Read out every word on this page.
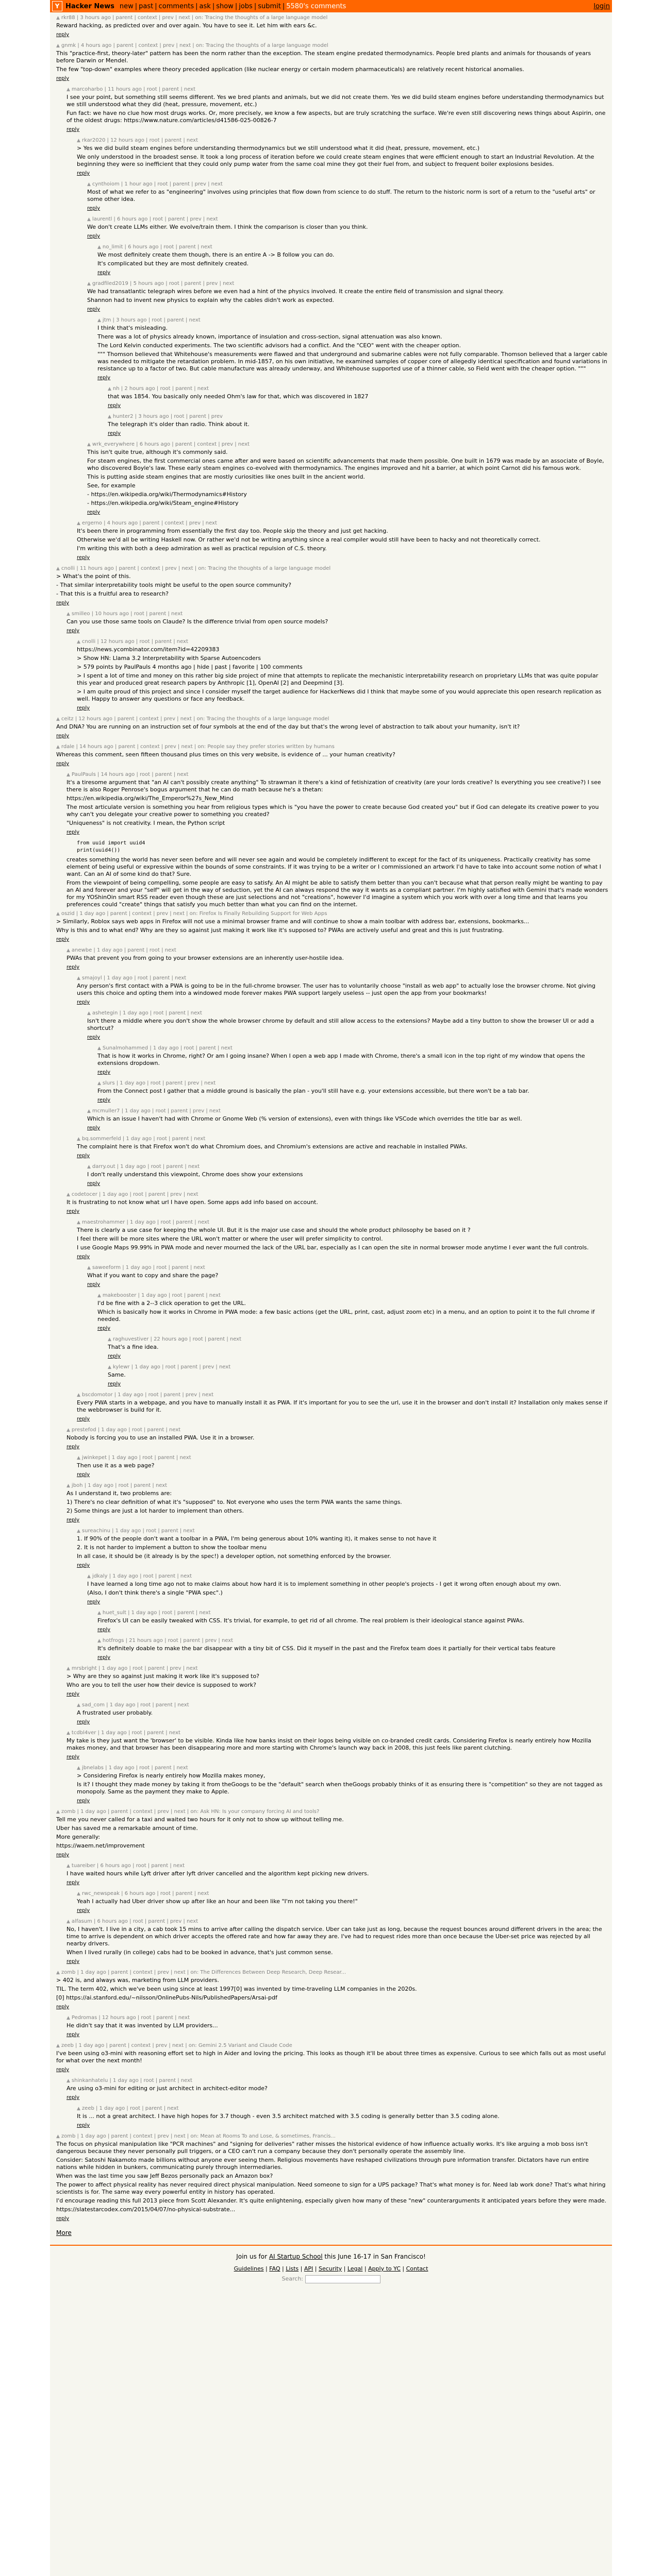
Y Hacker News new | past | comments | ask | show | jobs | submit | 5580's comments	login
▲ rkr88 | 3 hours ago | parent | context | prev | next | on: Tracing the thoughts of a large language model

Reward hacking, as predicted over and over again. You have to see it. Let him with ears &c.

reply
▲ gnmk | 4 hours ago | parent | context | prev | next | on: Tracing the thoughts of a large language model

This "practice-first, theory-later" pattern has been the norm rather than the exception. The steam engine predated thermodynamics. People bred plants and animals for thousands of years before Darwin or Mendel.

The few "top-down" examples where theory preceded application (like nuclear energy or certain modern pharmaceuticals) are relatively recent historical anomalies.

reply
▲ marcoharbo | 11 hours ago | root | parent | next

I see your point, but something still seems different. Yes we bred plants and animals, but we did not create them. Yes we did build steam engines before understanding thermodynamics but we still understood what they did (heat, pressure, movement, etc.)

Fun fact: we have no clue how most drugs works. Or, more precisely, we know a few aspects, but are truly scratching the surface. We're even still discovering news things about Aspirin, one of the oldest drugs: https://www.nature.com/articles/d41586-025-00826-7

reply
▲ rkar2020 | 12 hours ago | root | parent | next

> Yes we did build steam engines before understanding thermodynamics but we still understood what it did (heat, pressure, movement, etc.)

We only understood in the broadest sense. It took a long process of iteration before we could create steam engines that were efficient enough to start an Industrial Revolution. At the beginning they were so inefficient that they could only pump water from the same coal mine they got their fuel from, and subject to frequent boiler explosions besides.

reply
▲ cynthoiom | 1 hour ago | root | parent | prev | next

Most of what we refer to as "engineering" involves using principles that flow down from science to do stuff. The return to the historic norm is sort of a return to the "useful arts" or some other idea.

reply
▲ laurentl | 6 hours ago | root | parent | prev | next

We don't create LLMs either. We evolve/train them. I think the comparison is closer than you think.

reply
▲ no_limit | 6 hours ago | root | parent | next

We most definitely create them though, there is an entire A -> B follow you can do.

It's complicated but they are most definitely created.

reply
▲ gradfiled2019 | 5 hours ago | root | parent | prev | next

We had transatlantic telegraph wires before we even had a hint of the physics involved. It create the entire field of transmission and signal theory.

Shannon had to invent new physics to explain why the cables didn't work as expected.

reply
▲ jtm | 3 hours ago | root | parent | next

I think that's misleading.

There was a lot of physics already known, importance of insulation and cross-section, signal attenuation was also known.

The Lord Kelvin conducted experiments. The two scientific advisors had a conflict. And the "CEO" went with the cheaper option.

""" Thomson believed that Whitehouse's measurements were flawed and that underground and submarine cables were not fully comparable. Thomson believed that a larger cable was needed to mitigate the retardation problem. In mid-1857, on his own initiative, he examined samples of copper core of allegedly identical specification and found variations in resistance up to a factor of two. But cable manufacture was already underway, and Whitehouse supported use of a thinner cable, so Field went with the cheaper option. """

reply
▲ nh | 2 hours ago | root | parent | next

that was 1854. You basically only needed Ohm's law for that, which was discovered in 1827

reply
▲ hunter2 | 3 hours ago | root | parent | prev

The telegraph it's older than radio. Think about it.

reply
▲ wrk_everywhere | 6 hours ago | parent | context | prev | next

This isn't quite true, although it's commonly said.

For steam engines, the first commercial ones came after and were based on scientific advancements that made them possible. One built in 1679 was made by an associate of Boyle, who discovered Boyle's law. These early steam engines co-evolved with thermodynamics. The engines improved and hit a barrier, at which point Carnot did his famous work.

This is putting aside steam engines that are mostly curiosities like ones built in the ancient world.

See, for example

- https://en.wikipedia.org/wiki/Thermodynamics#History

- https://en.wikipedia.org/wiki/Steam_engine#History

reply
▲ ergerno | 4 hours ago | parent | context | prev | next

It's been there in programming from essentially the first day too. People skip the theory and just get hacking.

Otherwise we'd all be writing Haskell now. Or rather we'd not be writing anything since a real compiler would still have been to hacky and not theoretically correct.

I'm writing this with both a deep admiration as well as practical repulsion of C.S. theory.

reply
▲ cnolli | 11 hours ago | parent | context | prev | next | on: Tracing the thoughts of a large language model

> What's the point of this.

- That similar interpretability tools might be useful to the open source community?

- That this is a fruitful area to research?

reply
▲ smilleo | 10 hours ago | root | parent | next

Can you use those same tools on Claude? Is the difference trivial from open source models?

reply
▲ cnolli | 12 hours ago | root | parent | next

https://news.ycombinator.com/item?id=42209383

> Show HN: Llama 3.2 Interpretability with Sparse Autoencoders

> 579 points by PaulPauls 4 months ago | hide | past | favorite | 100 comments

> I spent a lot of time and money on this rather big side project of mine that attempts to replicate the mechanistic interpretability research on proprietary LLMs that was quite popular this year and produced great research papers by Anthropic [1], OpenAI [2] and Deepmind [3].

> I am quite proud of this project and since I consider myself the target audience for HackerNews did I think that maybe some of you would appreciate this open research replication as well. Happy to answer any questions or face any feedback.

reply
▲ ceitz | 12 hours ago | parent | context | prev | next | on: Tracing the thoughts of a large language model

And DNA? You are running on an instruction set of four symbols at the end of the day but that's the wrong level of abstraction to talk about your humanity, isn't it?

reply
▲ rdale | 14 hours ago | parent | context | prev | next | on: People say they prefer stories written by humans

Whereas this comment, seen fifteen thousand plus times on this very website, is evidence of ... your human creativity?

reply
▲ PaulPauls | 14 hours ago | root | parent | next

It's a tiresome argument that "an AI can't possibly create anything" To strawman it there's a kind of fetishization of creativity (are your lords creative? Is everything you see creative?) I see there is also Roger Penrose's bogus argument that he can do math because he's a thetan:

https://en.wikipedia.org/wiki/The_Emperor%27s_New_Mind

The most articulate version is something you hear from religious types which is "you have the power to create because God created you" but if God can delegate its creative power to you why can't you delegate your creative power to something you created?

"Uniqueness" is not creativity. I mean, the Python script

reply
from uuid import uuid4
print(uuid4())

creates something the world has never seen before and will never see again and would be completely indifferent to except for the fact of its uniqueness. Practically creativity has some element of being useful or expressive within the bounds of some constraints. If it was trying to be a writer or I commissioned an artwork I'd have to take into account some notion of what I want. Can an AI of some kind do that? Sure.

From the viewpoint of being compelling, some people are easy to satisfy. An AI might be able to satisfy them better than you can't because what that person really might be wanting to pay an AI and forever and your "self" will get in the way of seduction, yet the AI can always respond the way it wants as a compliant partner. I'm highly satisfied with Gemini that's made wonders for my YOShinOin smart RSS reader even though these are just selections and not "creations", however I'd imagine a system which you work with over a long time and that learns you preferences could "create" things that satisfy you much better than what you can find on the internet.

▲ oszid | 1 day ago | parent | context | prev | next | on: Firefox Is Finally Rebuilding Support for Web Apps

> Similarly, Roblox says web apps in Firefox will not use a minimal browser frame and will continue to show a main toolbar with address bar, extensions, bookmarks...

Why is this and to what end? Why are they so against just making it work like it's supposed to? PWAs are actively useful and great and this is just frustrating.

reply
▲ anewbe | 1 day ago | parent | root | next

PWAs that prevent you from going to your browser extensions are an inherently user-hostile idea.

reply
▲ smajoyl | 1 day ago | root | parent | next

Any person's first contact with a PWA is going to be in the full-chrome browser. The user has to voluntarily choose "install as web app" to actually lose the browser chrome. Not giving users this choice and opting them into a windowed mode forever makes PWA support largely useless -- just open the app from your bookmarks!

reply
▲ ashetegin | 1 day ago | root | parent | next

Isn't there a middle where you don't show the whole browser chrome by default and still allow access to the extensions? Maybe add a tiny button to show the browser UI or add a shortcut?

reply
▲ Sunalmohammed | 1 day ago | root | parent | next

That is how it works in Chrome, right? Or am I going insane? When I open a web app I made with Chrome, there's a small icon in the top right of my window that opens the extensions dropdown.

reply
▲ slurs | 1 day ago | root | parent | prev | next

From the Connect post I gather that a middle ground is basically the plan - you'll still have e.g. your extensions accessible, but there won't be a tab bar.

reply
▲ mcmuller7 | 1 day ago | root | parent | prev | next

Which is an issue I haven't had with Chrome or Gnome Web (% version of extensions), even with things like VSCode which overrides the title bar as well.

reply
▲ bq.sommerfeld | 1 day ago | root | parent | next

The complaint here is that Firefox won't do what Chromium does, and Chromium's extensions are active and reachable in installed PWAs.

reply
▲ darry.out | 1 day ago | root | parent | next

I don't really understand this viewpoint, Chrome does show your extensions

reply
▲ codetocer | 1 day ago | root | parent | prev | next

It is frustrating to not know what url I have open. Some apps add info based on account.

reply
▲ maestrohammer | 1 day ago | root | parent | next

There is clearly a use case for keeping the whole UI. But it is the major use case and should the whole product philosophy be based on it ?

I feel there will be more sites where the URL won't matter or where the user will prefer simplicity to control.

I use Google Maps 99.99% in PWA mode and never mourned the lack of the URL bar, especially as I can open the site in normal browser mode anytime I ever want the full controls.

reply
▲ saweeform | 1 day ago | root | parent | next

What if you want to copy and share the page?

reply
▲ makebooster | 1 day ago | root | parent | next

I'd be fine with a 2--3 click operation to get the URL.

Which is basically how it works in Chrome in PWA mode: a few basic actions (get the URL, print, cast, adjust zoom etc) in a menu, and an option to point it to the full chrome if needed.

reply
▲ raghuvestiver | 22 hours ago | root | parent | next

That's a fine idea.

reply
▲ kylewr | 1 day ago | root | parent | prev | next

Same.

reply
▲ bscdomotor | 1 day ago | root | parent | prev | next

Every PWA starts in a webpage, and you have to manually install it as PWA. If it's important for you to see the url, use it in the browser and don't install it? Installation only makes sense if the webbrowser is build for it.

reply
▲ prestefod | 1 day ago | root | parent | next

Nobody is forcing you to use an installed PWA. Use it in a browser.

reply
▲ jwinkepet | 1 day ago | root | parent | next

Then use it as a web page?

reply
▲ jboh | 1 day ago | root | parent | next

As I understand it, two problems are:

1) There's no clear definition of what it's "supposed" to. Not everyone who uses the term PWA wants the same things.

2) Some things are just a lot harder to implement than others.

reply
▲ sureachinu | 1 day ago | root | parent | next

1. If 90% of the people don't want a toolbar in a PWA, I'm being generous about 10% wanting it), it makes sense to not have it

2. It is not harder to implement a button to show the toolbar menu

In all case, it should be (it already is by the spec!) a developer option, not something enforced by the browser.

reply
▲ jdkaly | 1 day ago | root | parent | next

I have learned a long time ago not to make claims about how hard it is to implement something in other people's projects - I get it wrong often enough about my own.

(Also, I don't think there's a single "PWA spec".)

reply
▲ huet_sult | 1 day ago | root | parent | next

Firefox's UI can be easily tweaked with CSS. It's trivial, for example, to get rid of all chrome. The real problem is their ideological stance against PWAs.

reply
▲ hotfrogs | 21 hours ago | root | parent | prev | next

It's definitely doable to make the bar disappear with a tiny bit of CSS. Did it myself in the past and the Firefox team does it partially for their vertical tabs feature

reply
▲ mrsbright | 1 day ago | root | parent | prev | next

> Why are they so against just making it work like it's supposed to?

Who are you to tell the user how their device is supposed to work?

reply
▲ sad_com | 1 day ago | root | parent | next

A frustrated user probably.

reply
▲ tcdbl4ver | 1 day ago | root | parent | next

My take is they just want the 'browser' to be visible. Kinda like how banks insist on their logos being visible on co-branded credit cards. Considering Firefox is nearly entirely how Mozilla makes money, and that browser has been disappearing more and more starting with Chrome's launch way back in 2008, this just feels like parent clutching.

reply
▲ jbnelabs | 1 day ago | root | parent | next

> Considering Firefox is nearly entirely how Mozilla makes money,

Is it? I thought they made money by taking it from theGoogs to be the "default" search when theGoogs probably thinks of it as ensuring there is "competition" so they are not tagged as monopoly. Same as the payment they make to Apple.

reply
▲ zomb | 1 day ago | parent | context | prev | next | on: Ask HN: Is your company forcing AI and tools?

Tell me you never called for a taxi and waited two hours for it only not to show up without telling me.

Uber has saved me a remarkable amount of time.

More generally:

https://waem.net/improvement

reply
▲ tuareiber | 6 hours ago | root | parent | next

I have waited hours while Lyft driver after lyft driver cancelled and the algorithm kept picking new drivers.

reply
▲ rwc_newspeak | 6 hours ago | root | parent | next

Yeah I actually had Uber driver show up after like an hour and been like "I'm not taking you there!"

reply
▲ alfasum | 6 hours ago | root | parent | prev | next

No, I haven't. I live in a city, a cab took 15 mins to arrive after calling the dispatch service. Uber can take just as long, because the request bounces around different drivers in the area; the time to arrive is dependent on which driver accepts the offered rate and how far away they are. I've had to request rides more than once because the Uber-set price was rejected by all nearby drivers.

When I lived rurally (in college) cabs had to be booked in advance, that's just common sense.

reply
▲ zomb | 1 day ago | parent | context | prev | next | on: The Differences Between Deep Research, Deep Resear...

> 402 is, and always was, marketing from LLM providers.

TIL. The term 402, which we've been using since at least 1997[0] was invented by time-traveling LLM companies in the 2020s.

[0] https://ai.stanford.edu/~nilsson/OnlinePubs-Nils/PublishedPapers/Arsai-pdf

reply
▲ Pedromas | 12 hours ago | root | parent | next

He didn't say that it was invented by LLM providers...

reply
▲ zeeb | 1 day ago | parent | context | prev | next | on: Gemini 2.5 Variant and Claude Code

I've been using o3-mini with reasoning effort set to high in Aider and loving the pricing. This looks as though it'll be about three times as expensive. Curious to see which falls out as most useful for what over the next month!

reply
▲ shinkanhatelu | 1 day ago | root | parent | next

Are using o3-mini for editing or just architect in architect-editor mode?

reply
▲ zeeb | 1 day ago | root | parent | next

It is ... not a great architect. I have high hopes for 3.7 though - even 3.5 architect matched with 3.5 coding is generally better than 3.5 coding alone.

reply
▲ zomb | 1 day ago | parent | context | prev | next | on: Mean at Rooms To and Lose, & sometimes, Francis...

The focus on physical manipulation like "PCR machines" and "signing for deliveries" rather misses the historical evidence of how influence actually works. It's like arguing a mob boss isn't dangerous because they never personally pull triggers, or a CEO can't run a company because they don't personally operate the assembly line.

Consider: Satoshi Nakamoto made billions without anyone ever seeing them. Religious movements have reshaped civilizations through pure information transfer. Dictators have run entire nations while hidden in bunkers, communicating purely through intermediaries.

When was the last time you saw Jeff Bezos personally pack an Amazon box?

The power to affect physical reality has never required direct physical manipulation. Need someone to sign for a UPS package? That's what money is for. Need lab work done? That's what hiring scientists is for. The same way every powerful entity in history has operated.

I'd encourage reading this full 2013 piece from Scott Alexander. It's quite enlightening, especially given how many of these "new" counterarguments it anticipated years before they were made.

https://slatestarcodex.com/2015/04/07/no-physical-substrate...

reply
More
Join us for AI Startup School this June 16-17 in San Francisco!
Guidelines | FAQ | Lists | API | Security | Legal | Apply to YC | Contact
Search:
